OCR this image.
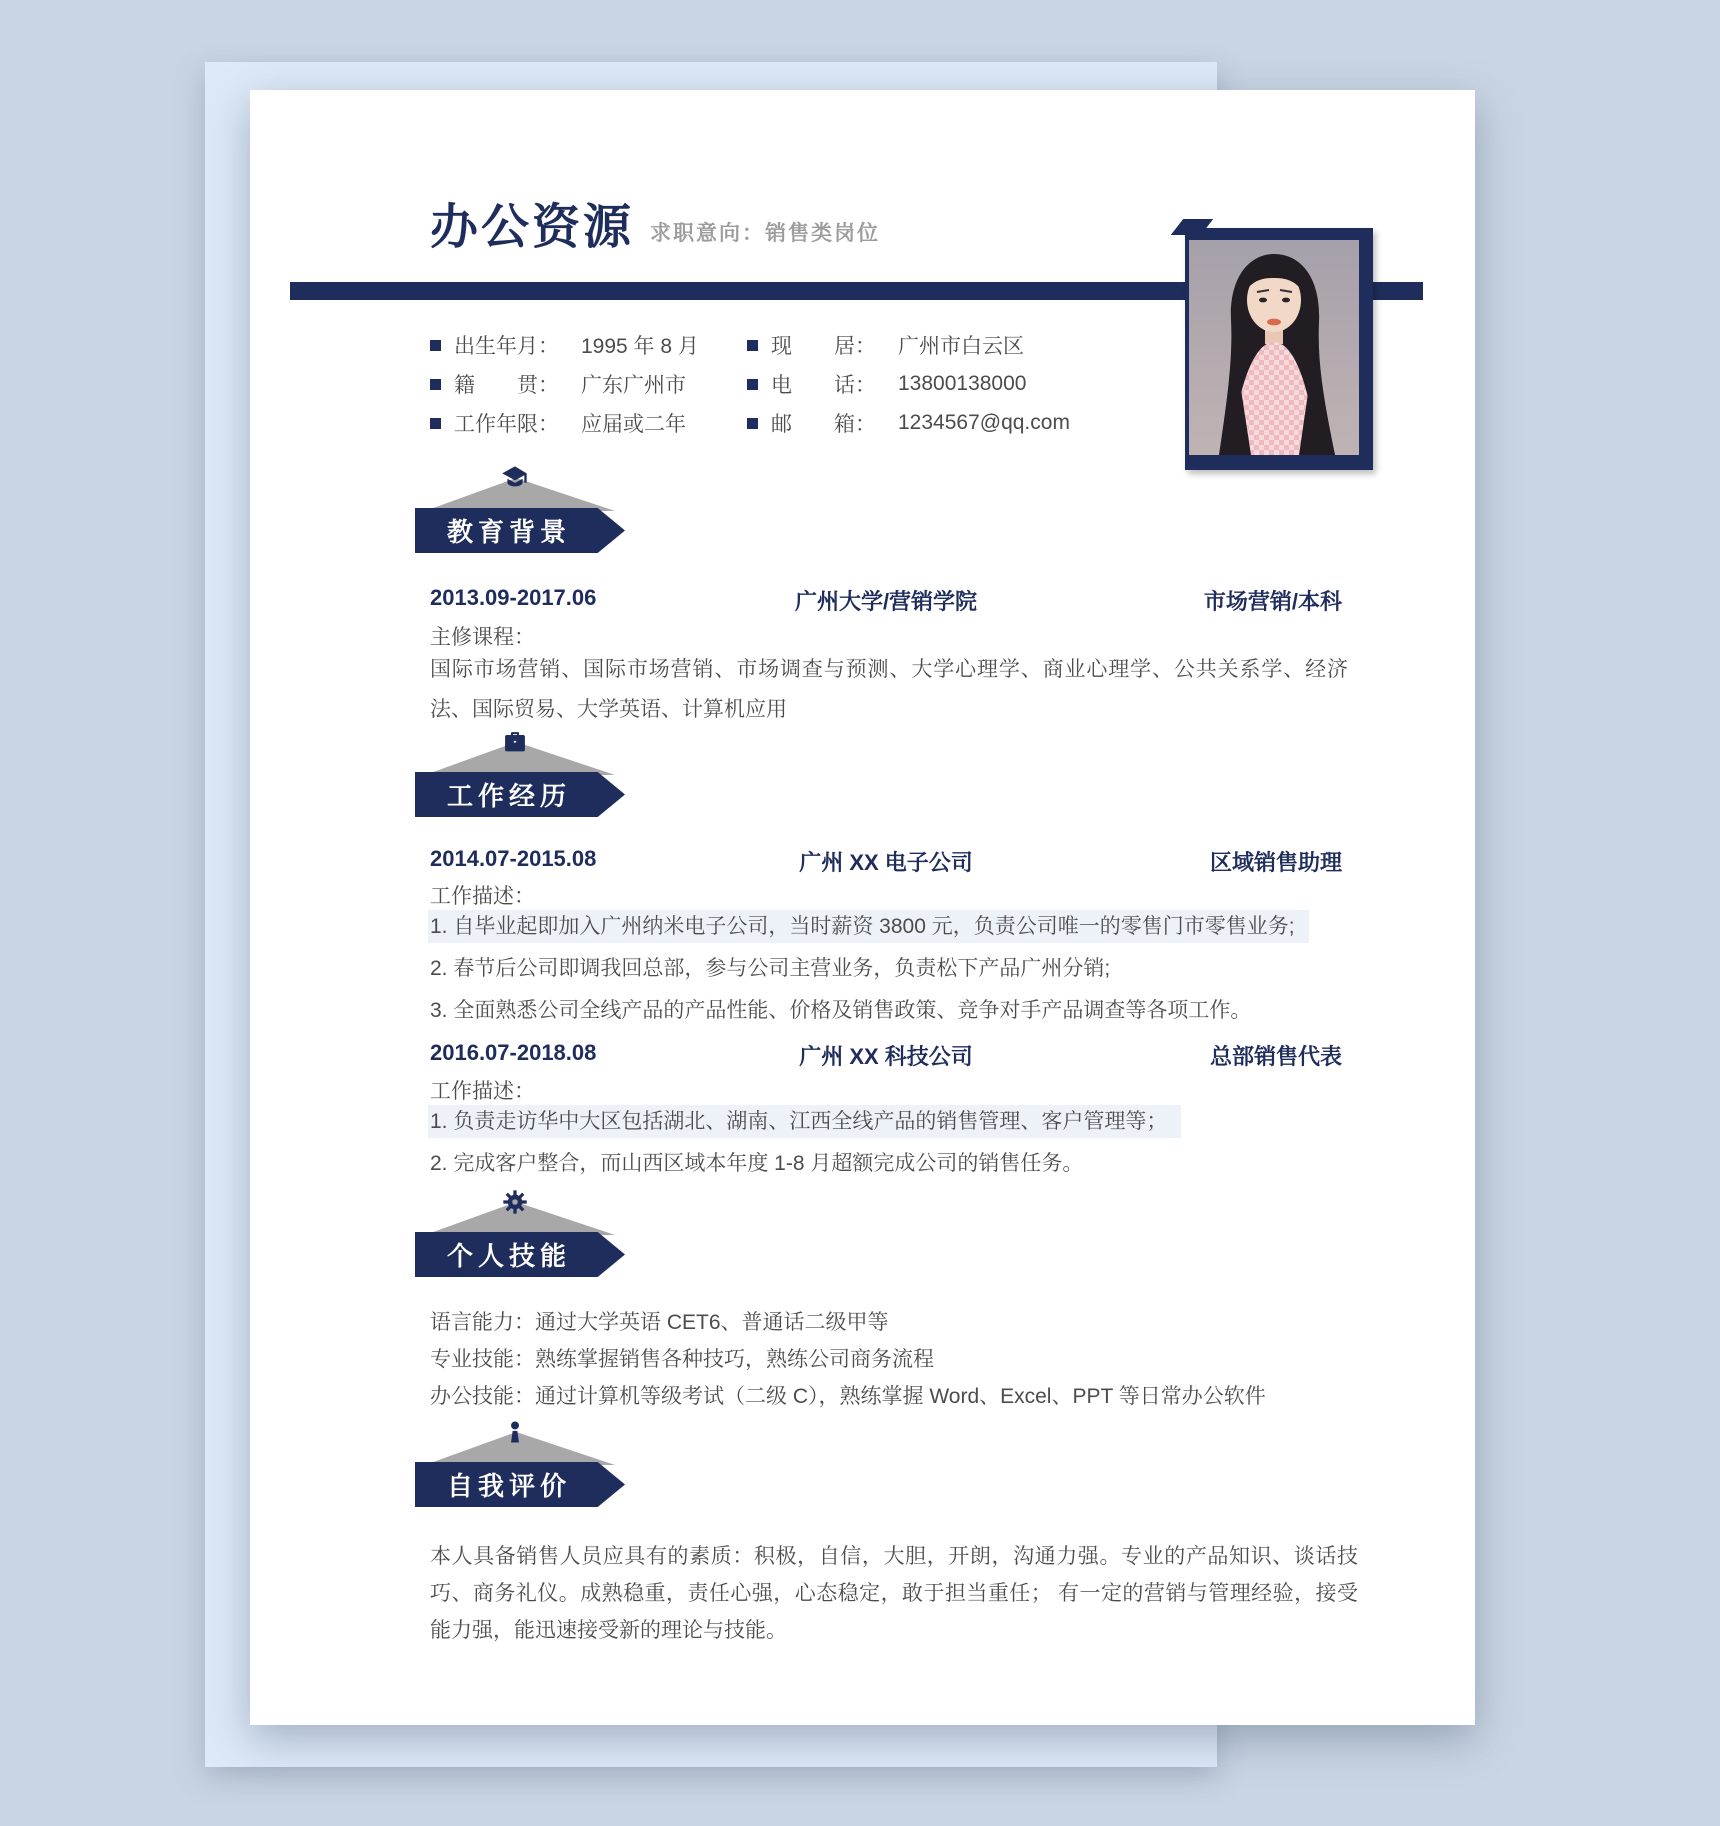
办公资源 求职意向：销售类岗位
出生年月： 1995 年 8 月	现　　居： 广州市白云区
籍　　贯： 广东广州市	电　　话： 13800138000
工作年限： 应届或二年	邮　　箱： 1234567@qq.com
教育背景
2013.09-2017.06	广州大学/营销学院	市场营销/本科
主修课程：
国际市场营销、国际市场营销、市场调查与预测、大学心理学、商业心理学、公共关系学、经济法、国际贸易、大学英语、计算机应用
工作经历
2014.07-2015.08	广州 XX 电子公司	区域销售助理
工作描述：
1. 自毕业起即加入广州纳米电子公司，当时薪资 3800 元，负责公司唯一的零售门市零售业务;
2. 春节后公司即调我回总部，参与公司主营业务，负责松下产品广州分销;
3. 全面熟悉公司全线产品的产品性能、价格及销售政策、竞争对手产品调查等各项工作。
2016.07-2018.08	广州 XX 科技公司	总部销售代表
工作描述：
1. 负责走访华中大区包括湖北、湖南、江西全线产品的销售管理、客户管理等；
2. 完成客户整合，而山西区域本年度 1-8 月超额完成公司的销售任务。
个人技能
语言能力：通过大学英语 CET6、普通话二级甲等
专业技能：熟练掌握销售各种技巧，熟练公司商务流程
办公技能：通过计算机等级考试（二级 C），熟练掌握 Word、Excel、PPT 等日常办公软件
自我评价
本人具备销售人员应具有的素质：积极，自信，大胆，开朗，沟通力强。专业的产品知识、谈话技巧、商务礼仪。成熟稳重，责任心强，心态稳定，敢于担当重任； 有一定的营销与管理经验，接受能力强，能迅速接受新的理论与技能。
